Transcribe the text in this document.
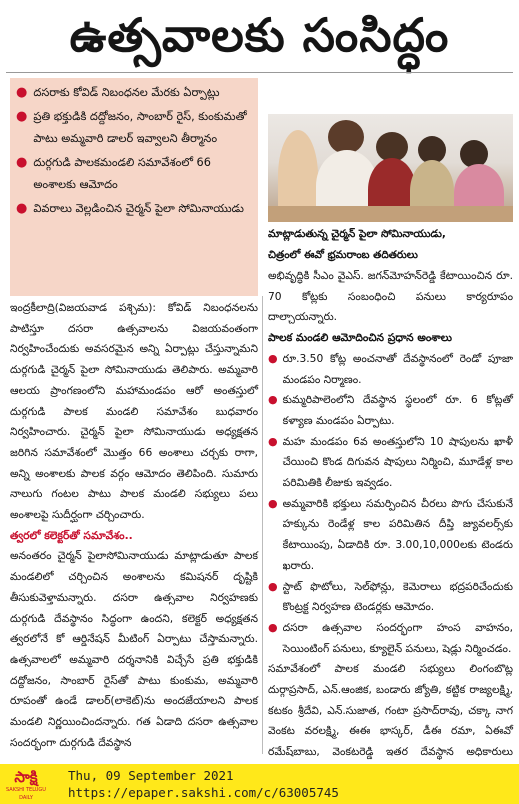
ఉత్సవాలకు సంసిద్ధం
● దసరాకు కోవిడ్ నిబంధనల మేరకు ఏర్పాట్లు
● ప్రతి భక్తుడికి దద్దోజనం, సాంబార్ రైస్, కుంకుమతో పాటు అమ్మవారి డాలర్ ఇవ్వాలని తీర్మానం
● దుర్గగుడి పాలకమండలి సమావేశంలో 66 అంశాలకు ఆమోదం
● వివరాలు వెల్లడించిన చైర్మన్ పైలా సోమినాయుడు
మాట్లాడుతున్న చైర్మన్ పైలా సోమినాయుడు,
చిత్రంలో ఈవో భ్రమరాంబ తదితరులు

ఇంద్రకీలాద్రి(విజయవాడ పశ్చిమ): కోవిడ్ నిబంధనలను పాటిస్తూ దసరా ఉత్సవాలను విజయవంతంగా నిర్వహించేందుకు అవసరమైన అన్ని ఏర్పాట్లు చేస్తున్నామని దుర్గగుడి చైర్మన్ పైలా సోమినాయుడు తెలిపారు. అమ్మవారి ఆలయ ప్రాంగణంలోని మహామండపం ఆరో అంతస్తులో దుర్గగుడి పాలక మండలి సమావేశం బుధవారం నిర్వహించారు. చైర్మన్ పైలా సోమినాయుడు అధ్యక్షతన జరిగిన సమావేశంలో మొత్తం 66 అంశాలు చర్చకు రాగా, అన్ని అంశాలకు పాలక వర్గం ఆమోదం తెలిపింది. సుమారు నాలుగు గంటల పాటు పాలక మండలి సభ్యులు పలు అంశాలపై సుదీర్ఘంగా చర్చించారు.

త్వరలో కలెక్టర్‌తో సమావేశం..

అనంతరం చైర్మన్ పైలాసోమినాయుడు మాట్లాడుతూ పాలక మండలిలో చర్చించిన అంశాలను కమిషనర్ దృష్టికి తీసుకువెళ్తామన్నారు. దసరా ఉత్సవాల నిర్వహణకు దుర్గగుడి దేవస్థానం సిద్ధంగా ఉందని, కలెక్టర్ అధ్యక్షతన త్వరలోనే కో ఆర్డినేషన్ మీటింగ్ ఏర్పాటు చేస్తామన్నారు. ఉత్సవాలలో అమ్మవారి దర్శనానికి విచ్చేసే ప్రతి భక్తుడికి దద్దోజనం, సాంబార్ రైస్‌తో పాటు కుంకుమ, అమ్మవారి రూపంతో ఉండే డాలర్(లాకెట్)ను అందజేయాలని పాలక మండలి నిర్ణయించిందన్నారు. గత ఏడాది దసరా ఉత్సవాల సందర్భంగా దుర్గగుడి దేవస్థాన

అభివృద్ధికి సీఎం వైఎస్. జగన్‌మోహన్‌రెడ్డి కేటాయించిన రూ. 70 కోట్లకు సంబంధించి పనులు కార్యరూపం దాల్చాయన్నారు.

పాలక మండలి ఆమోదించిన ప్రధాన అంశాలు

● రూ.3.50 కోట్ల అంచనాతో దేవస్థానంలో రెండో పూజా మండపం నిర్మాణం.
● కుమ్మరిపాలెంలోని దేవస్థాన స్థలంలో రూ. 6 కోట్లతో కళ్యాణ మండపం ఏర్పాటు.
● మహ మండపం 6వ అంతస్తులోని 10 షాపులను ఖాళీ చేయించి కొండ దిగువన షాపులు నిర్మించి, మూడేళ్ల కాల పరిమితికి లీజుకు ఇవ్వడం.
● అమ్మవారికి భక్తులు సమర్పించిన చీరలు పొగు చేసుకునే హక్కును రెండేళ్ల కాల పరిమితిన దీప్తి జ్యువలర్స్‌కు కేటాయింపు, ఏడాదికి రూ. 3.00,10,000లకు టెండరు ఖరారు.
● స్టాట్ ఫొటోలు, సెల్‌ఫోన్లు, కెమెరాలు భద్రపరిచేందుకు కొంట్రక్ట నిర్వహణ టెండర్లకు ఆమోదం.
● దసరా ఉత్సవాల సందర్భంగా హంస వాహనం, సెయింటింగ్ పనులు, క్యూలైన్ పనులు, షెడ్లు నిర్మించడం.

సమావేశంలో పాలక మండలి సభ్యులు లింగంబొట్ల దుర్గాప్రసాద్, ఎన్.ఆంజిక, బండారు జ్యోతి, కట్టిక రాజ్యలక్ష్మి, కటకం శ్రీదేవి, ఎన్.సుజాత, గంటా ప్రసాద్‌రావు, చక్కా నాగ వెంకట వరలక్ష్మి, ఈఈ భాస్కర్, డీఈ రమా, ఏఈవో రమేష్‌బాబు, వెంకటరెడ్డి ఇతర దేవస్థాన అధికారులు

సాక్షి
SAKSHI TELUGU DAILY
Thu, 09 September 2021
https://epaper.sakshi.com/c/63005745
